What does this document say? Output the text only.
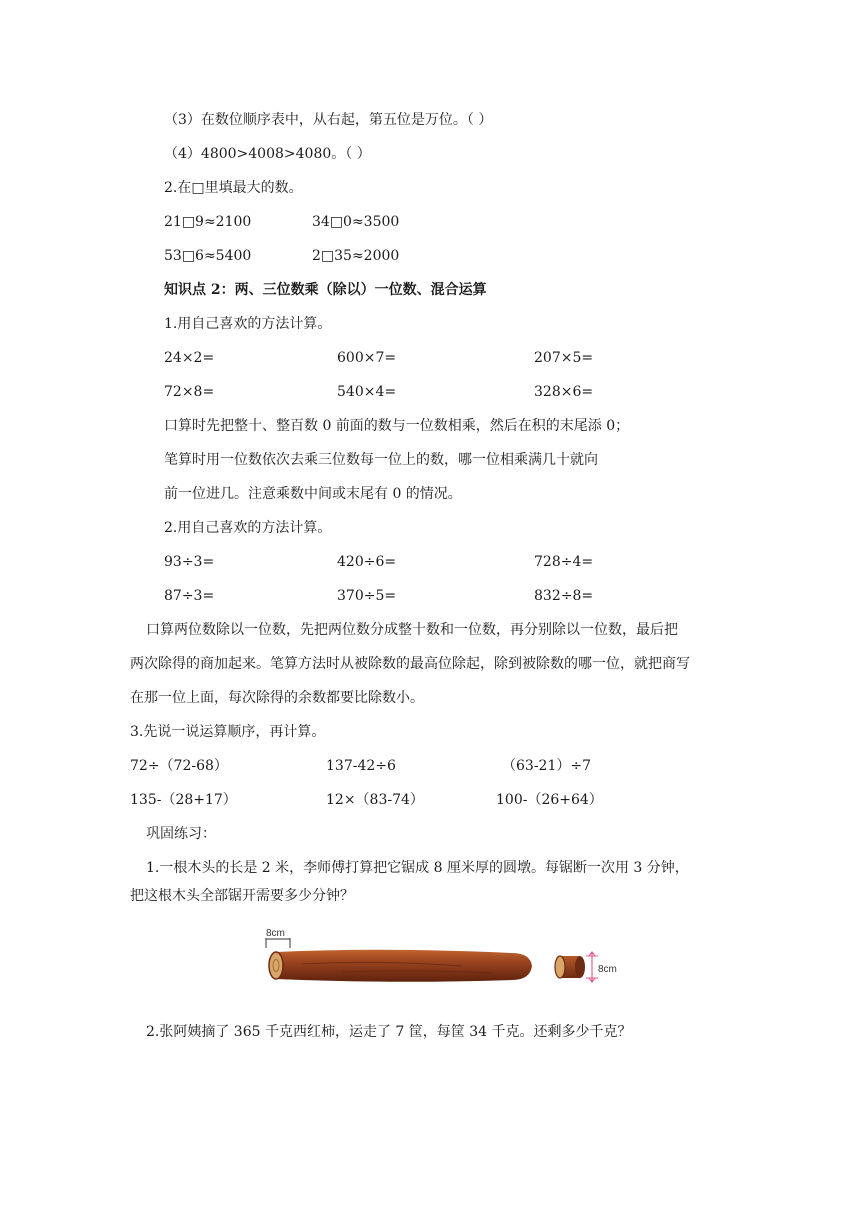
（3）在数位顺序表中，从右起，第五位是万位。（ ）
（4）4800>4008>4080。（ ）
2.在□里填最大的数。
21□9≈2100	34□0≈3500
53□6≈5400	2□35≈2000
知识点 2：两、三位数乘（除以）一位数、混合运算
1.用自己喜欢的方法计算。
24×2=	600×7=	207×5=
72×8=	540×4=	328×6=
口算时先把整十、整百数 0 前面的数与一位数相乘，然后在积的末尾添 0；
笔算时用一位数依次去乘三位数每一位上的数，哪一位相乘满几十就向
前一位进几。注意乘数中间或末尾有 0 的情况。
2.用自己喜欢的方法计算。
93÷3=	420÷6=	728÷4=
87÷3=	370÷5=	832÷8=
口算两位数除以一位数，先把两位数分成整十数和一位数，再分别除以一位数，最后把
两次除得的商加起来。笔算方法时从被除数的最高位除起，除到被除数的哪一位，就把商写
在那一位上面，每次除得的余数都要比除数小。
3.先说一说运算顺序，再计算。
72÷（72-68）	137-42÷6	（63-21）÷7
135-（28+17）	12×（83-74）	100-（26+64）
巩固练习：
1.一根木头的长是 2 米，李师傅打算把它锯成 8 厘米厚的圆墩。每锯断一次用 3 分钟，
把这根木头全部锯开需要多少分钟？
8cm
8cm
2.张阿姨摘了 365 千克西红柿，运走了 7 筐，每筐 34 千克。还剩多少千克？
